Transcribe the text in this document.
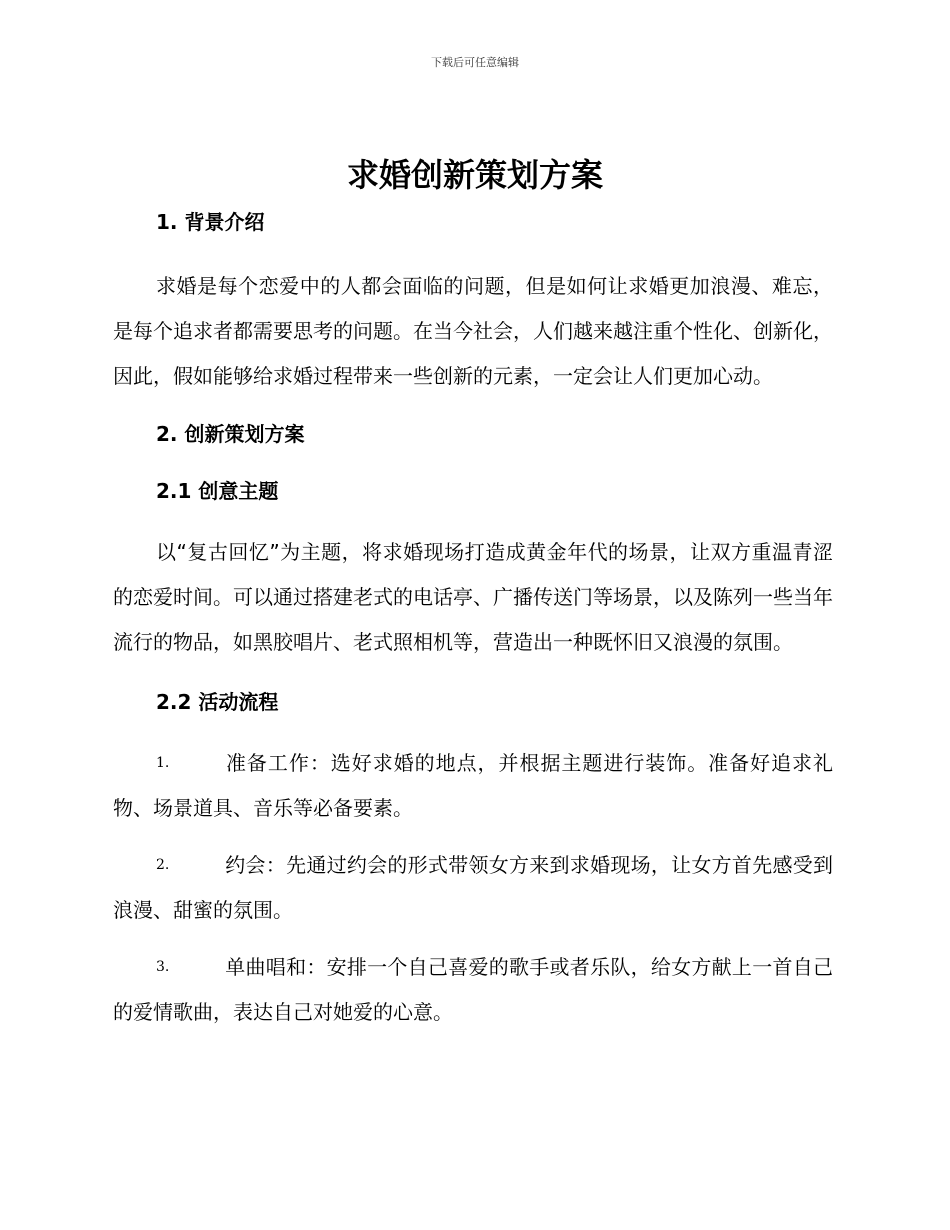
下载后可任意编辑
求婚创新策划方案
1. 背景介绍

求婚是每个恋爱中的人都会面临的问题，但是如何让求婚更加浪漫、难忘，是每个追求者都需要思考的问题。在当今社会，人们越来越注重个性化、创新化，因此，假如能够给求婚过程带来一些创新的元素，一定会让人们更加心动。

2. 创新策划方案
2.1 创意主题

以“复古回忆”为主题，将求婚现场打造成黄金年代的场景，让双方重温青涩的恋爱时间。可以通过搭建老式的电话亭、广播传送门等场景，以及陈列一些当年流行的物品，如黑胶唱片、老式照相机等，营造出一种既怀旧又浪漫的氛围。

2.2 活动流程

1.	准备工作：选好求婚的地点，并根据主题进行装饰。准备好追求礼物、场景道具、音乐等必备要素。

2.	约会：先通过约会的形式带领女方来到求婚现场，让女方首先感受到浪漫、甜蜜的氛围。

3.	单曲唱和：安排一个自己喜爱的歌手或者乐队，给女方献上一首自己的爱情歌曲，表达自己对她爱的心意。
